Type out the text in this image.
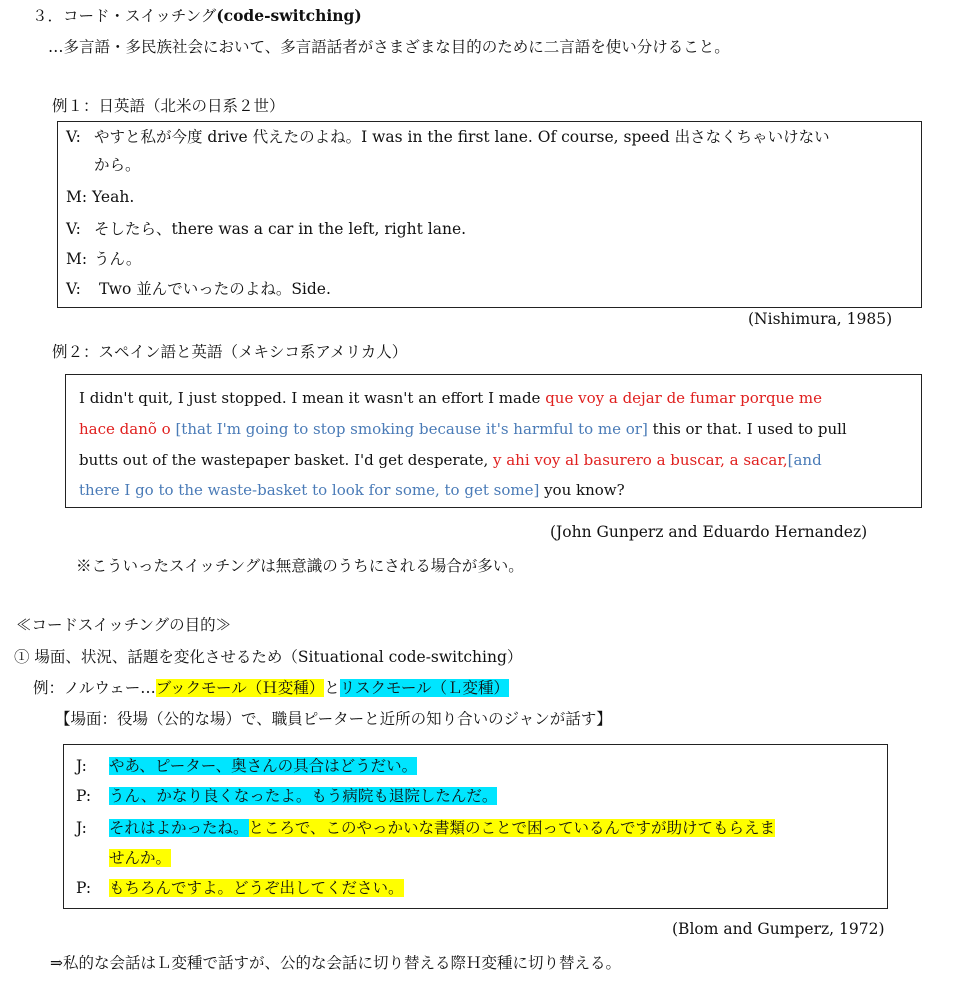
３．コード・スイッチング(code-switching)
…多言語・多民族社会において、多言語話者がさまざまな目的のために二言語を使い分けること。
例１：日英語（北米の日系２世）
V: やすと私が今度 drive 代えたのよね。I was in the first lane. Of course, speed 出さなくちゃいけない
から。
M: Yeah.
V: そしたら、there was a car in the left, right lane.
M: うん。
V: Two 並んでいったのよね。Side.
(Nishimura, 1985)
例２：スペイン語と英語（メキシコ系アメリカ人）
I didn't quit, I just stopped. I mean it wasn't an effort I made que voy a dejar de fumar porque me
hace danõ o [that I'm going to stop smoking because it's harmful to me or] this or that. I used to pull
butts out of the wastepaper basket. I'd get desperate, y ahi voy al basurero a buscar, a sacar,[and
there I go to the waste-basket to look for some, to get some] you know?
(John Gunperz and Eduardo Hernandez)
※こういったスイッチングは無意識のうちにされる場合が多い。
≪コードスイッチングの目的≫
① 場面、状況、話題を変化させるため（Situational code-switching）
例：ノルウェー…ブックモール（Ｈ変種）とリスクモール（Ｌ変種）
【場面：役場（公的な場）で、職員ピーターと近所の知り合いのジャンが話す】
J: やあ、ピーター、奥さんの具合はどうだい。
P: うん、かなり良くなったよ。もう病院も退院したんだ。
J: それはよかったね。ところで、このやっかいな書類のことで困っているんですが助けてもらえま
せんか。
P: もちろんですよ。どうぞ出してください。
(Blom and Gumperz, 1972)
⇒私的な会話はＬ変種で話すが、公的な会話に切り替える際Ｈ変種に切り替える。
